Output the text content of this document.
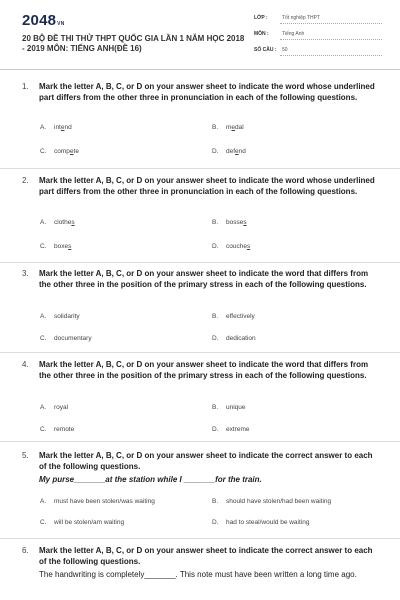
2048VN
20 BỘ ĐỀ THI THỬ THPT QUỐC GIA LẦN 1 NĂM HỌC 2018
- 2019 MÔN: TIẾNG ANH(ĐỀ 16)
LỚP :	Tốt nghiệp THPT
MÔN :	Tiếng Anh
SỐ CÂU : 50
1. Mark the letter A, B, C, or D on your answer sheet to indicate the word whose underlined part differs from the other three in pronunciation in each of the following questions.
A. intend	B. medal
C. compete	D. defend
2. Mark the letter A, B, C, or D on your answer sheet to indicate the word whose underlined part differs from the other three in pronunciation in each of the following questions.
A. clothes	B. bosses
C. boxes	D. couches
3. Mark the letter A, B, C, or D on your answer sheet to indicate the word that differs from the other three in the position of the primary stress in each of the following questions.
A. solidarity	B. effectively
C. documentary	D. dedication
4. Mark the letter A, B, C, or D on your answer sheet to indicate the word that differs from the other three in the position of the primary stress in each of the following questions.
A. royal	B. unique
C. remote	D. extreme
5. Mark the letter A, B, C, or D on your answer sheet to indicate the correct answer to each of the following questions.
My purse_______at the station while I _______for the train.
A. must have been stolen/was waiting	B. should have stolen/had been waiting
C. will be stolen/am waiting	D. had to steal/would be waiting
6. Mark the letter A, B, C, or D on your answer sheet to indicate the correct answer to each of the following questions.
The handwriting is completely_______. This note must have been written a long time ago.
